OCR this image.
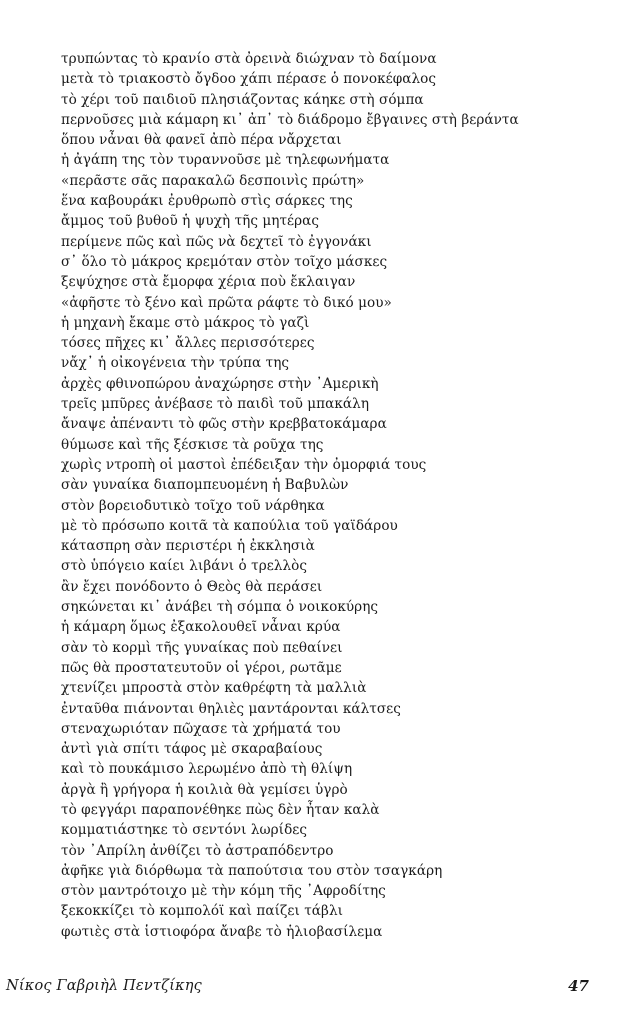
τρυπώντας τὸ κρανίο στὰ ὀρεινὰ διώχναν τὸ δαίμονα
μετὰ τὸ τριακοστὸ ὄγδοο χάπι πέρασε ὁ πονοκέφαλος
τὸ χέρι τοῦ παιδιοῦ πλησιάζοντας κάηκε στὴ σόμπα
περνοῦσες μιὰ κάμαρη κι᾿ ἀπ᾿ τὸ διάδρομο ἔβγαινες στὴ βεράντα
ὅπου νἆναι θὰ φανεῖ ἀπὸ πέρα νἄρχεται
ἡ ἀγάπη της τὸν τυραννοῦσε μὲ τηλεφωνήματα
«περᾶστε σᾶς παρακαλῶ δεσποινὶς πρώτη»
ἕνα καβουράκι ἐρυθρωπὸ στὶς σάρκες της
ἄμμος τοῦ βυθοῦ ἡ ψυχὴ τῆς μητέρας
περίμενε πῶς καὶ πῶς νὰ δεχτεῖ τὸ ἐγγονάκι
σ᾿ ὅλο τὸ μάκρος κρεμόταν στὸν τοῖχο μάσκες
ξεψύχησε στὰ ἔμορφα χέρια ποὺ ἔκλαιγαν
«ἀφῆστε τὸ ξένο καὶ πρῶτα ράφτε τὸ δικό μου»
ἡ μηχανὴ ἔκαμε στὸ μάκρος τὸ γαζὶ
τόσες πῆχες κι᾿ ἄλλες περισσότερες
νἄχ᾿ ἡ οἰκογένεια τὴν τρύπα της
ἀρχὲς φθινοπώρου ἀναχώρησε στὴν ᾿Αμερικὴ
τρεῖς μπῦρες ἀνέβασε τὸ παιδὶ τοῦ μπακάλη
ἄναψε ἀπέναντι τὸ φῶς στὴν κρεββατοκάμαρα
θύμωσε καὶ τῆς ξέσκισε τὰ ροῦχα της
χωρὶς ντροπὴ οἱ μαστοὶ ἐπέδειξαν τὴν ὀμορφιά τους
σὰν γυναίκα διαπομπευομένη ἡ Βαβυλὼν
στὸν βορειοδυτικὸ τοῖχο τοῦ νάρθηκα
μὲ τὸ πρόσωπο κοιτᾶ τὰ καπούλια τοῦ γαϊδάρου
κάτασπρη σὰν περιστέρι ἡ ἐκκλησιὰ
στὸ ὑπόγειο καίει λιβάνι ὁ τρελλὸς
ἂν ἔχει πονόδοντο ὁ Θεὸς θὰ περάσει
σηκώνεται κι᾿ ἀνάβει τὴ σόμπα ὁ νοικοκύρης
ἡ κάμαρη ὅμως ἐξακολουθεῖ νἆναι κρύα
σὰν τὸ κορμὶ τῆς γυναίκας ποὺ πεθαίνει
πῶς θὰ προστατευτοῦν οἱ γέροι, ρωτᾶμε
χτενίζει μπροστὰ στὸν καθρέφτη τὰ μαλλιὰ
ἐνταῦθα πιάνονται θηλιὲς μαντάρονται κάλτσες
στεναχωριόταν πῶχασε τὰ χρήματά του
ἀντὶ γιὰ σπίτι τάφος μὲ σκαραβαίους
καὶ τὸ πουκάμισο λερωμένο ἀπὸ τὴ θλίψη
ἀργὰ ἢ γρήγορα ἡ κοιλιὰ θὰ γεμίσει ὑγρὸ
τὸ φεγγάρι παραπονέθηκε πὼς δὲν ἦταν καλὰ
κομματιάστηκε τὸ σεντόνι λωρίδες
τὸν ᾿Απρίλη ἀνθίζει τὸ ἀστραπόδεντρο
ἀφῆκε γιὰ διόρθωμα τὰ παπούτσια του στὸν τσαγκάρη
στὸν μαντρότοιχο μὲ τὴν κόμη τῆς ᾿Αφροδίτης
ξεκοκκίζει τὸ κομπολόϊ καὶ παίζει τάβλι
φωτιὲς στὰ ἱστιοφόρα ἄναβε τὸ ἡλιοβασίλεμα
Νίκος Γαβριὴλ Πεντζίκης	47
